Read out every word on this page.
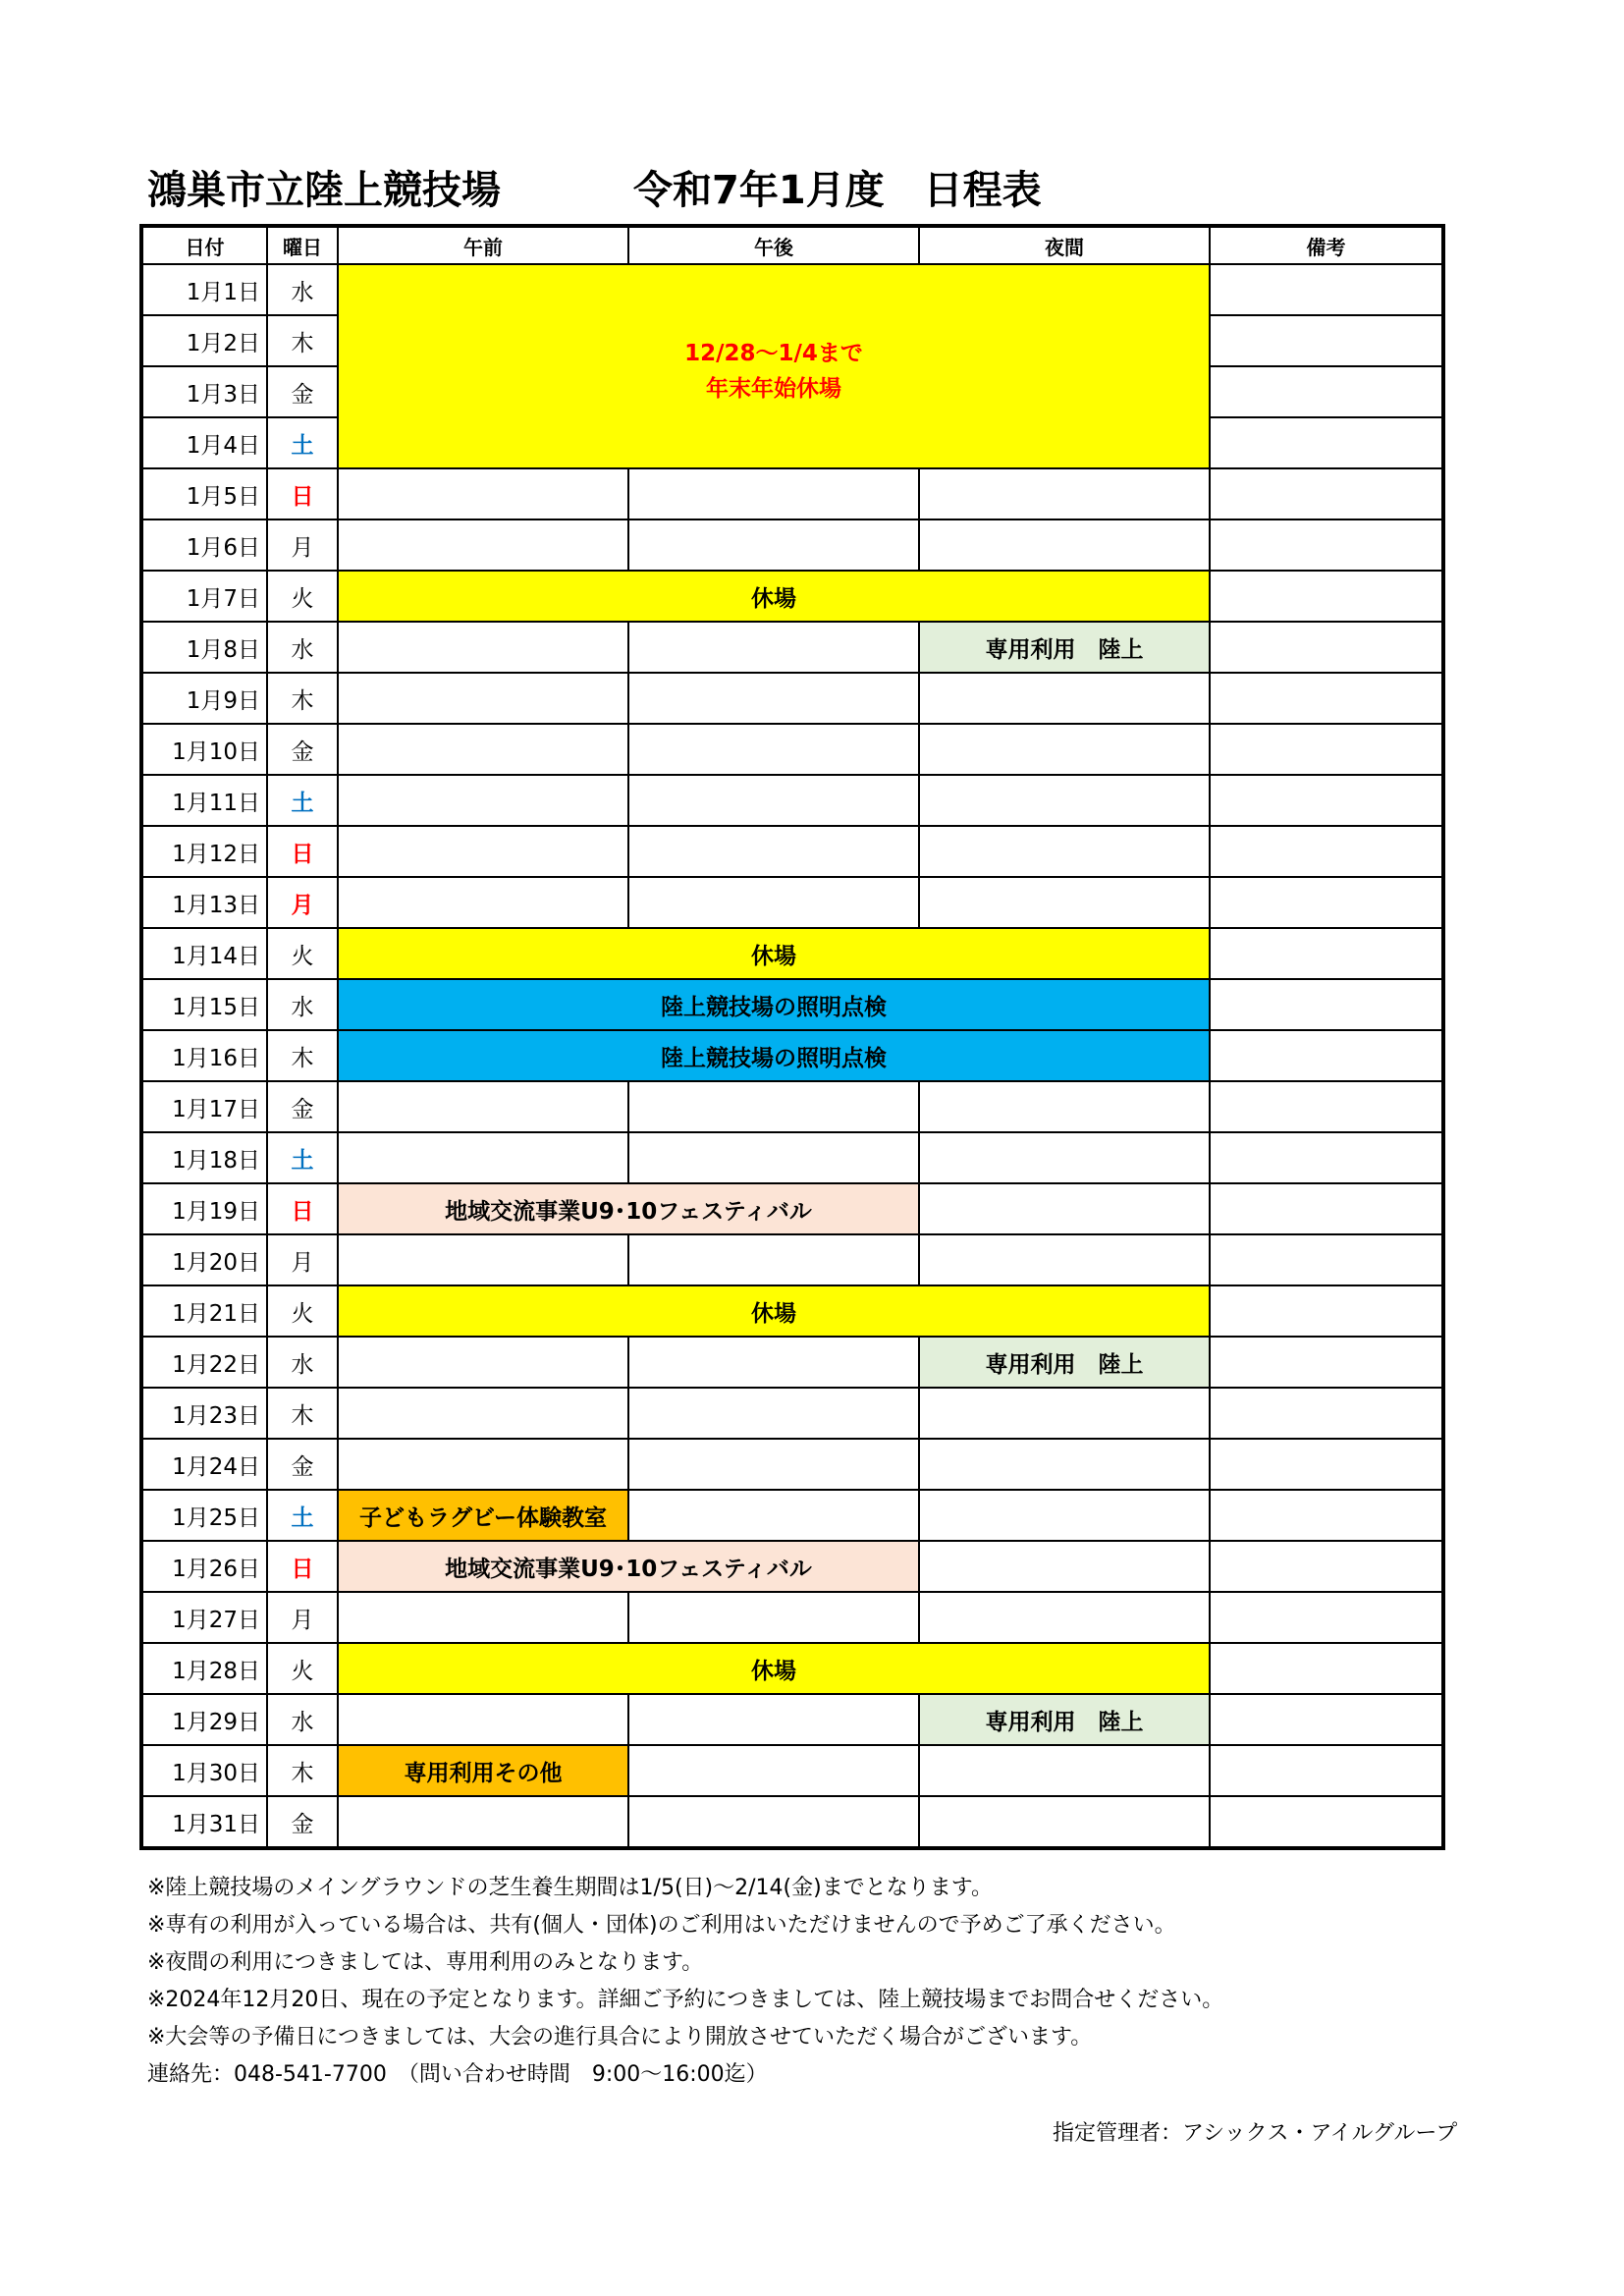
鴻巣市立陸上競技場	令和7年1月度　日程表
日付	曜日	午前	午後	夜間	備考
1月1日	水	12/28～1/4まで
年末年始休場			

1月2日	木				
1月3日	金				
1月4日	土				
1月5日	日				
1月6日	月				
1月7日	火	休場			
1月8日	水			専用利用　陸上	
1月9日	木				
1月10日	金				
1月11日	土				
1月12日	日				
1月13日	月				
1月14日	火	休場			
1月15日	水	陸上競技場の照明点検			
1月16日	木	陸上競技場の照明点検			
1月17日	金				
1月18日	土				
1月19日	日	地域交流事業U9･10フェスティバル			
1月20日	月				
1月21日	火	休場			
1月22日	水			専用利用　陸上	
1月23日	木				
1月24日	金				
1月25日	土	子どもラグビー体験教室			
1月26日	日	地域交流事業U9･10フェスティバル			
1月27日	月				
1月28日	火	休場			
1月29日	水			専用利用　陸上	
1月30日	木	専用利用その他			
1月31日	金				
※陸上競技場のメイングラウンドの芝生養生期間は1/5(日)～2/14(金)までとなります。
※専有の利用が入っている場合は、共有(個人・団体)のご利用はいただけませんので予めご了承ください。
※夜間の利用につきましては、専用利用のみとなります。
※2024年12月20日、現在の予定となります。詳細ご予約につきましては、陸上競技場までお問合せください。
※大会等の予備日につきましては、大会の進行具合により開放させていただく場合がございます。
連絡先：048-541-7700　（問い合わせ時間　9:00～16:00迄）
指定管理者：アシックス・アイルグループ
